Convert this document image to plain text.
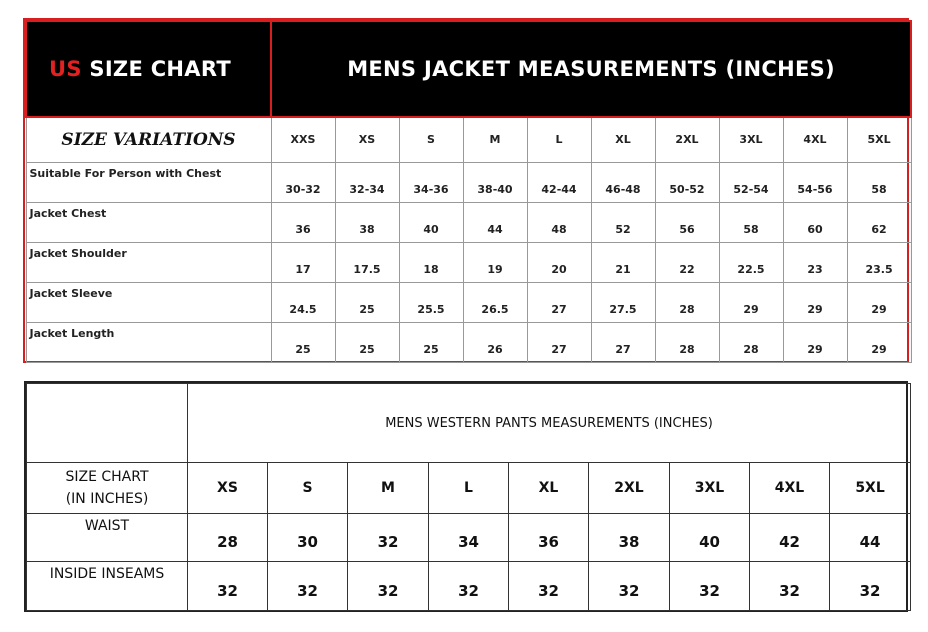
US SIZE CHART	MENS JACKET MEASUREMENTS (INCHES)									
SIZE VARIATIONS	XXS	XS	S	M	L	XL	2XL	3XL	4XL	5XL
Suitable For Person with Chest	30-32	32-34	34-36	38-40	42-44	46-48	50-52	52-54	54-56	58
Jacket Chest	36	38	40	44	48	52	56	58	60	62
Jacket Shoulder	17	17.5	18	19	20	21	22	22.5	23	23.5
Jacket Sleeve	24.5	25	25.5	26.5	27	27.5	28	29	29	29
Jacket Length	25	25	25	26	27	27	28	28	29	29
	MENS WESTERN PANTS MEASUREMENTS (INCHES)								
SIZE CHART
(IN INCHES)	XS	S	M	L	XL	2XL	3XL	4XL	5XL
WAIST	28	30	32	34	36	38	40	42	44
INSIDE INSEAMS	32	32	32	32	32	32	32	32	32
